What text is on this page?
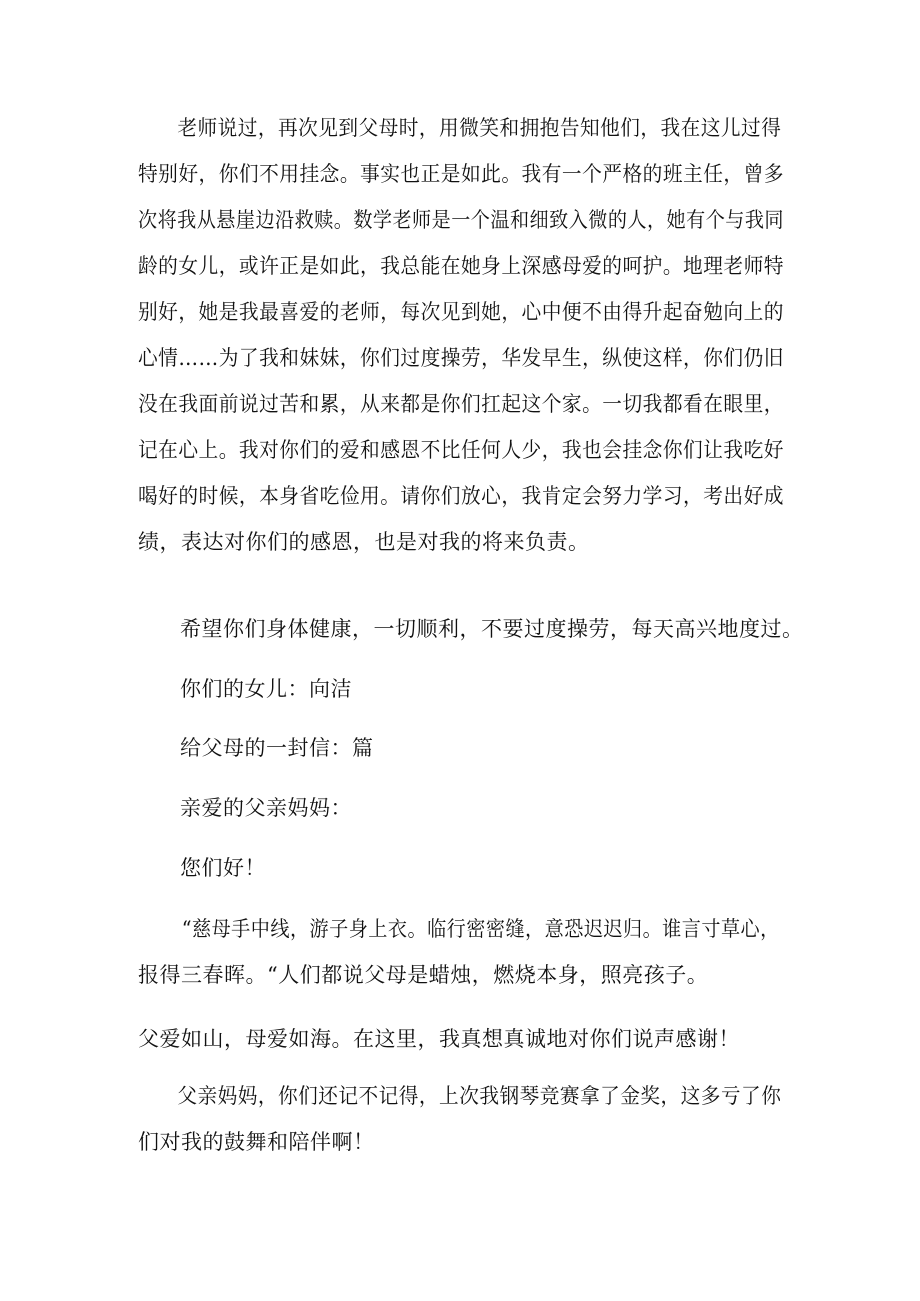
老师说过，再次见到父母时，用微笑和拥抱告知他们，我在这儿过得
特别好，你们不用挂念。事实也正是如此。我有一个严格的班主任，曾多
次将我从悬崖边沿救赎。数学老师是一个温和细致入微的人，她有个与我同
龄的女儿，或许正是如此，我总能在她身上深感母爱的呵护。地理老师特
别好，她是我最喜爱的老师，每次见到她，心中便不由得升起奋勉向上的
心情……为了我和妹妹，你们过度操劳，华发早生，纵使这样，你们仍旧
没在我面前说过苦和累，从来都是你们扛起这个家。一切我都看在眼里，
记在心上。我对你们的爱和感恩不比任何人少，我也会挂念你们让我吃好
喝好的时候，本身省吃俭用。请你们放心，我肯定会努力学习，考出好成
绩，表达对你们的感恩，也是对我的将来负责。

希望你们身体健康，一切顺利，不要过度操劳，每天高兴地度过。

你们的女儿：向洁

给父母的一封信：篇

亲爱的父亲妈妈：

您们好！

“慈母手中线，游子身上衣。临行密密缝，意恐迟迟归。谁言寸草心，
报得三春晖。“人们都说父母是蜡烛，燃烧本身，照亮孩子。

父爱如山，母爱如海。在这里，我真想真诚地对你们说声感谢！

父亲妈妈，你们还记不记得，上次我钢琴竞赛拿了金奖，这多亏了你
们对我的鼓舞和陪伴啊！
